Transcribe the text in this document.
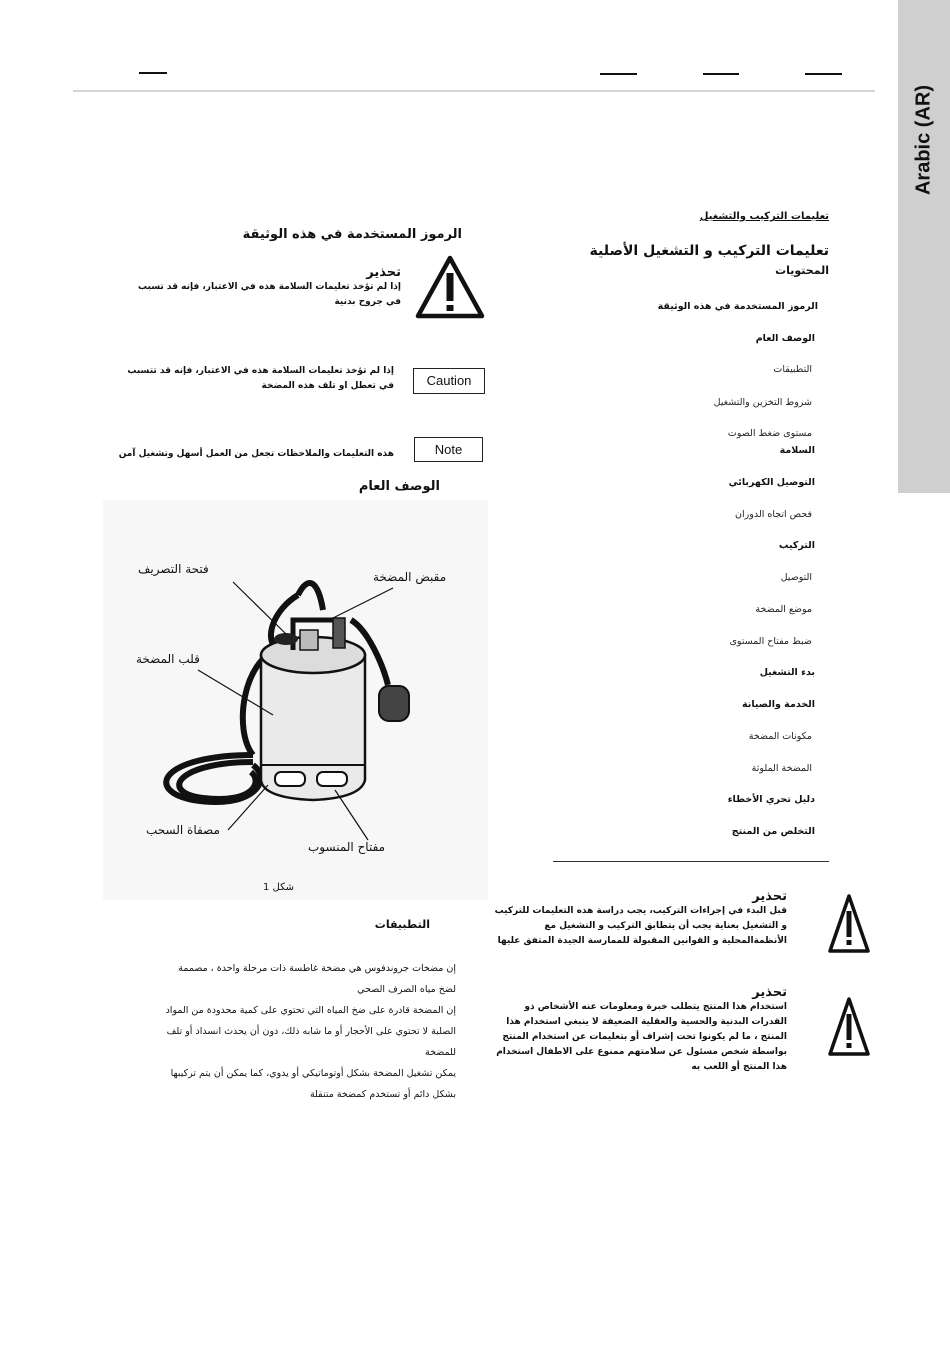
Arabic (AR)
تعليمات التركيب والتشغيل
تعليمات التركيب و التشغيل الأصلية
المحتويات
الرموز المستخدمة في هذه الوثيقة
الوصف العام
التطبيقات
شروط التخزين والتشغيل
مستوى ضغط الصوت
السلامة
التوصيل الكهربائي
فحص اتجاه الدوران
التركيب
التوصيل
موضع المضخة
ضبط مفتاح المستوى
بدء التشغيل
الخدمة والصيانة
مكونات المضخة
المضخة الملوثة
دليل تحري الأخطاء
التخلص من المنتج
تحذير
قبل البدء في إجراءات التركيب، يجب دراسة هذه التعليمات للتركيب
و التشغيل بعناية يجب أن يتطابق التركيب و التشغيل مع
الأنظمةالمحلية و القوانين المقبولة للممارسة الجيدة المتفق عليها
تحذير
استخدام هذا المنتج يتطلب خبرة ومعلومات عنه الأشخاص ذو
القدرات البدنية والحسية والعقلية الضعيفة لا ينبغي استخدام هذا
المنتج ، ما لم يكونوا تحت إشراف أو بتعليمات عن استخدام المنتج
بواسطة شخص مسئول عن سلامتهم ممنوع على الاطفال استخدام
هذا المنتج أو اللعب به
الرموز المستخدمة في هذه الوثيقة
تحذير
إذا لم تؤخذ تعليمات السلامة هذه في الاعتبار، فإنه قد تسبب
في جروح بدنية
Caution
إذا لم تؤخذ تعليمات السلامة هذه في الاعتبار، فإنه قد تتسبب
في تعطل او تلف هذه المضخة
Note
هذه التعليمات والملاحظات تجعل من العمل أسهل وتشغيل آمن
الوصف العام
فتحة التصريف
مقبض المضخة
قلب المضخة
مصفاة السحب
مفتاح المنسوب
شكل 1
التطبيقات
إن مضخات جروندفوس هي مضخة غاطسة ذات مرحلة واحدة ، مصممة
لضخ مياه الصرف الصحي
إن المضخة قادرة على ضخ المياه التي تحتوي على كمية محدودة من المواد
الصلبة لا تحتوي على الأحجار أو ما شابه ذلك، دون أن يحدث انسداد أو تلف
للمضخة
يمكن تشغيل المضخة بشكل أوتوماتيكي أو يدوي، كما يمكن أن يتم تركيبها
بشكل دائم أو تستخدم كمضخة متنقلة
